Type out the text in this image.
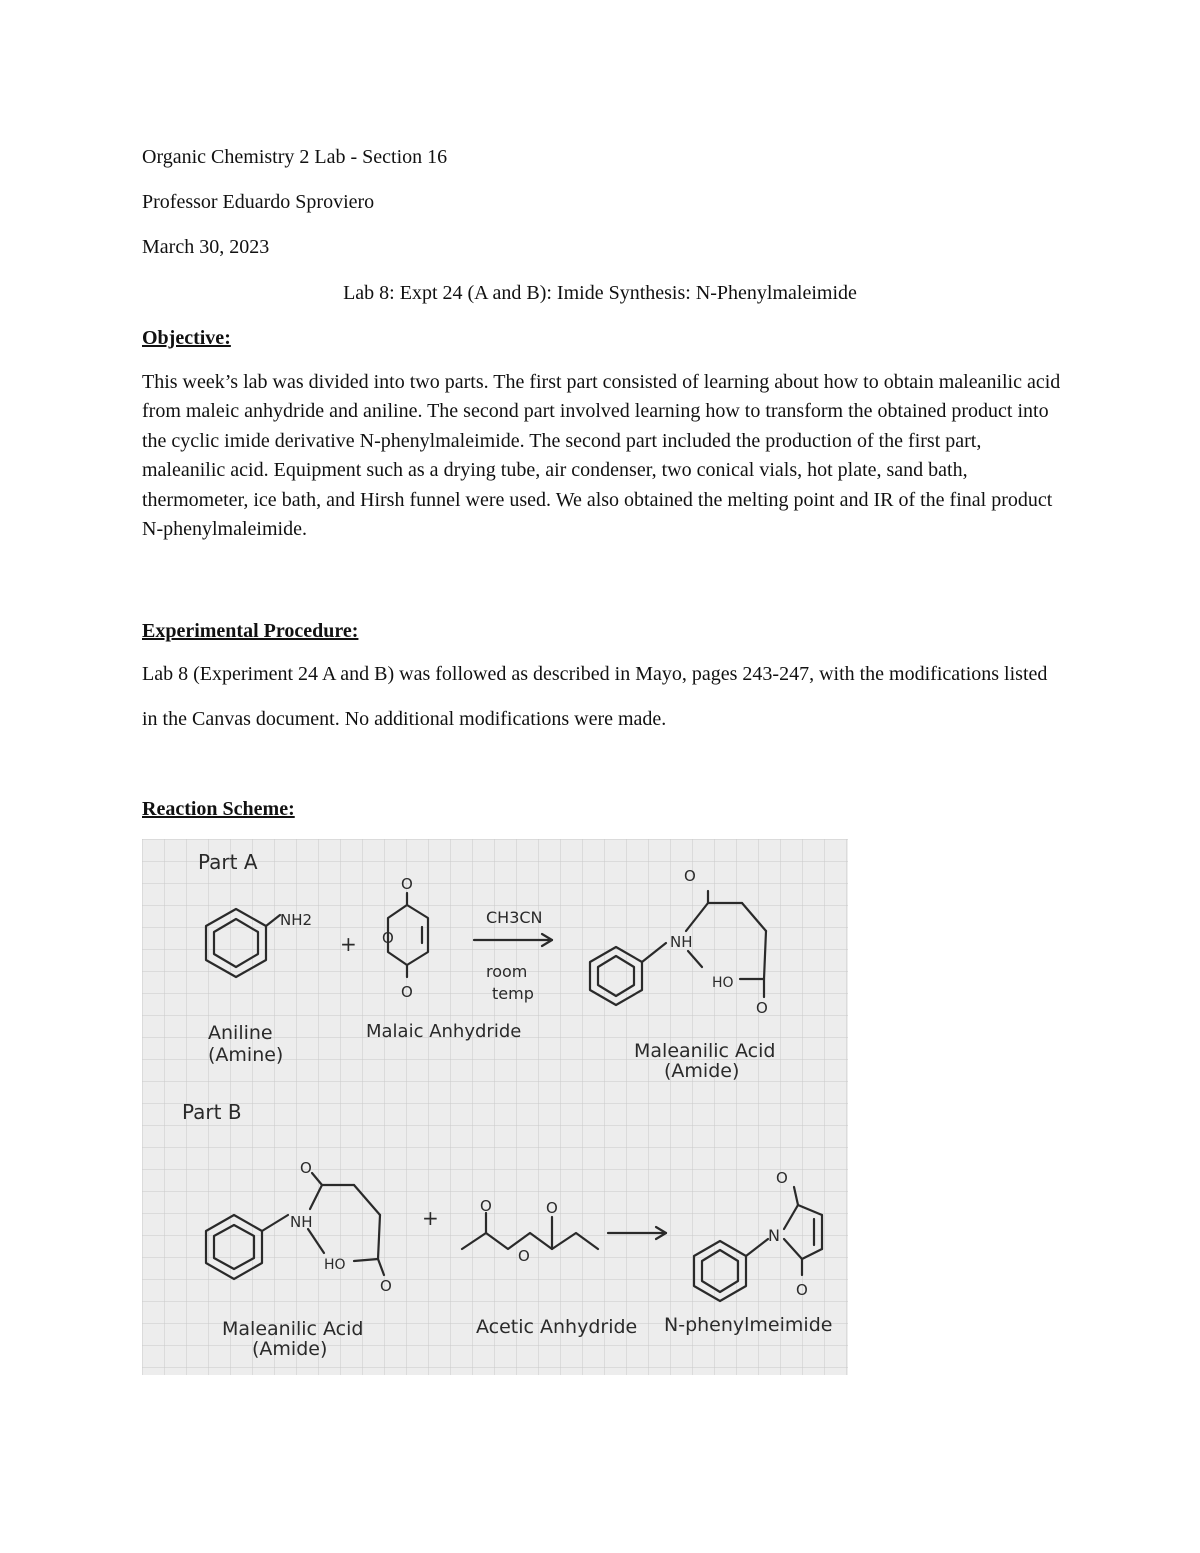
Organic Chemistry 2 Lab - Section 16
Professor Eduardo Sproviero
March 30, 2023
Lab 8: Expt 24 (A and B): Imide Synthesis: N-Phenylmaleimide
Objective:
This week’s lab was divided into two parts. The first part consisted of learning about how to obtain maleanilic acid from maleic anhydride and aniline. The second part involved learning how to transform the obtained product into the cyclic imide derivative N-phenylmaleimide. The second part included the production of the first part, maleanilic acid. Equipment such as a drying tube, air condenser, two conical vials, hot plate, sand bath, thermometer, ice bath, and Hirsh funnel were used. We also obtained the melting point and IR of the final product N-phenylmaleimide.
Experimental Procedure:
Lab 8 (Experiment 24 A and B) was followed as described in Mayo, pages 243-247, with the modifications listed in the Canvas document. No additional modifications were made.
Reaction Scheme:
Part A
NH2
Aniline
(Amine)
+
O
O
O
Malaic Anhydride
CH3CN
room
temp
O
NH
HO
O
Maleanilic Acid
(Amide)
Part B
O
NH
HO
O
Maleanilic Acid
(Amide)
+	O	O
O
Acetic Anhydride
O
N
O
N-phenylmeimide
